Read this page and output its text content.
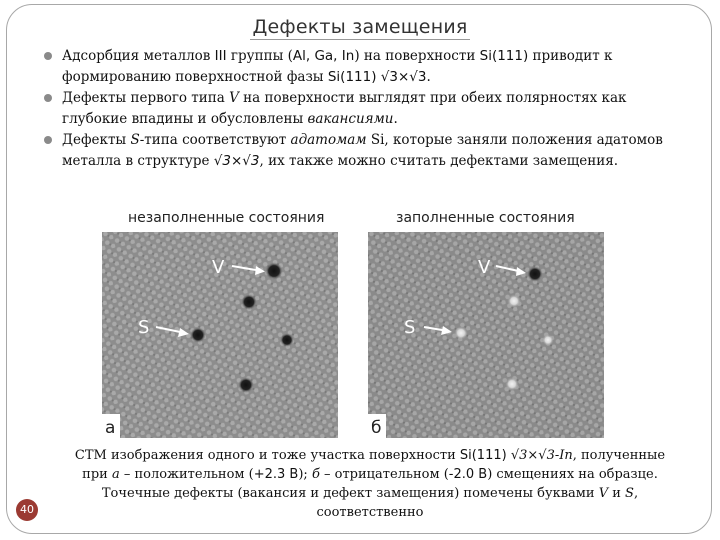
Дефекты замещения
Адсорбция металлов III группы (Al, Ga, In) на поверхности Si(111) приводит к формированию поверхностной фазы Si(111) √3×√3.
Дефекты первого типа V на поверхности выглядят при обеих полярностях как глубокие впадины и обусловлены вакансиями.
Дефекты S-типа соответствуют адатомам Si, которые заняли положения адатомов металла в структуре √3×√3, их также можно считать дефектами замещения.
незаполненные состояния	заполненные состояния
V
S
а
V
S
б
СТМ изображения одного и тоже участка поверхности Si(111) √3×√3-In, полученные при а – положительном (+2.3 В); б – отрицательном (-2.0 В) смещениях на образце. Точечные дефекты (вакансия и дефект замещения) помечены буквами V и S, соответственно
40
